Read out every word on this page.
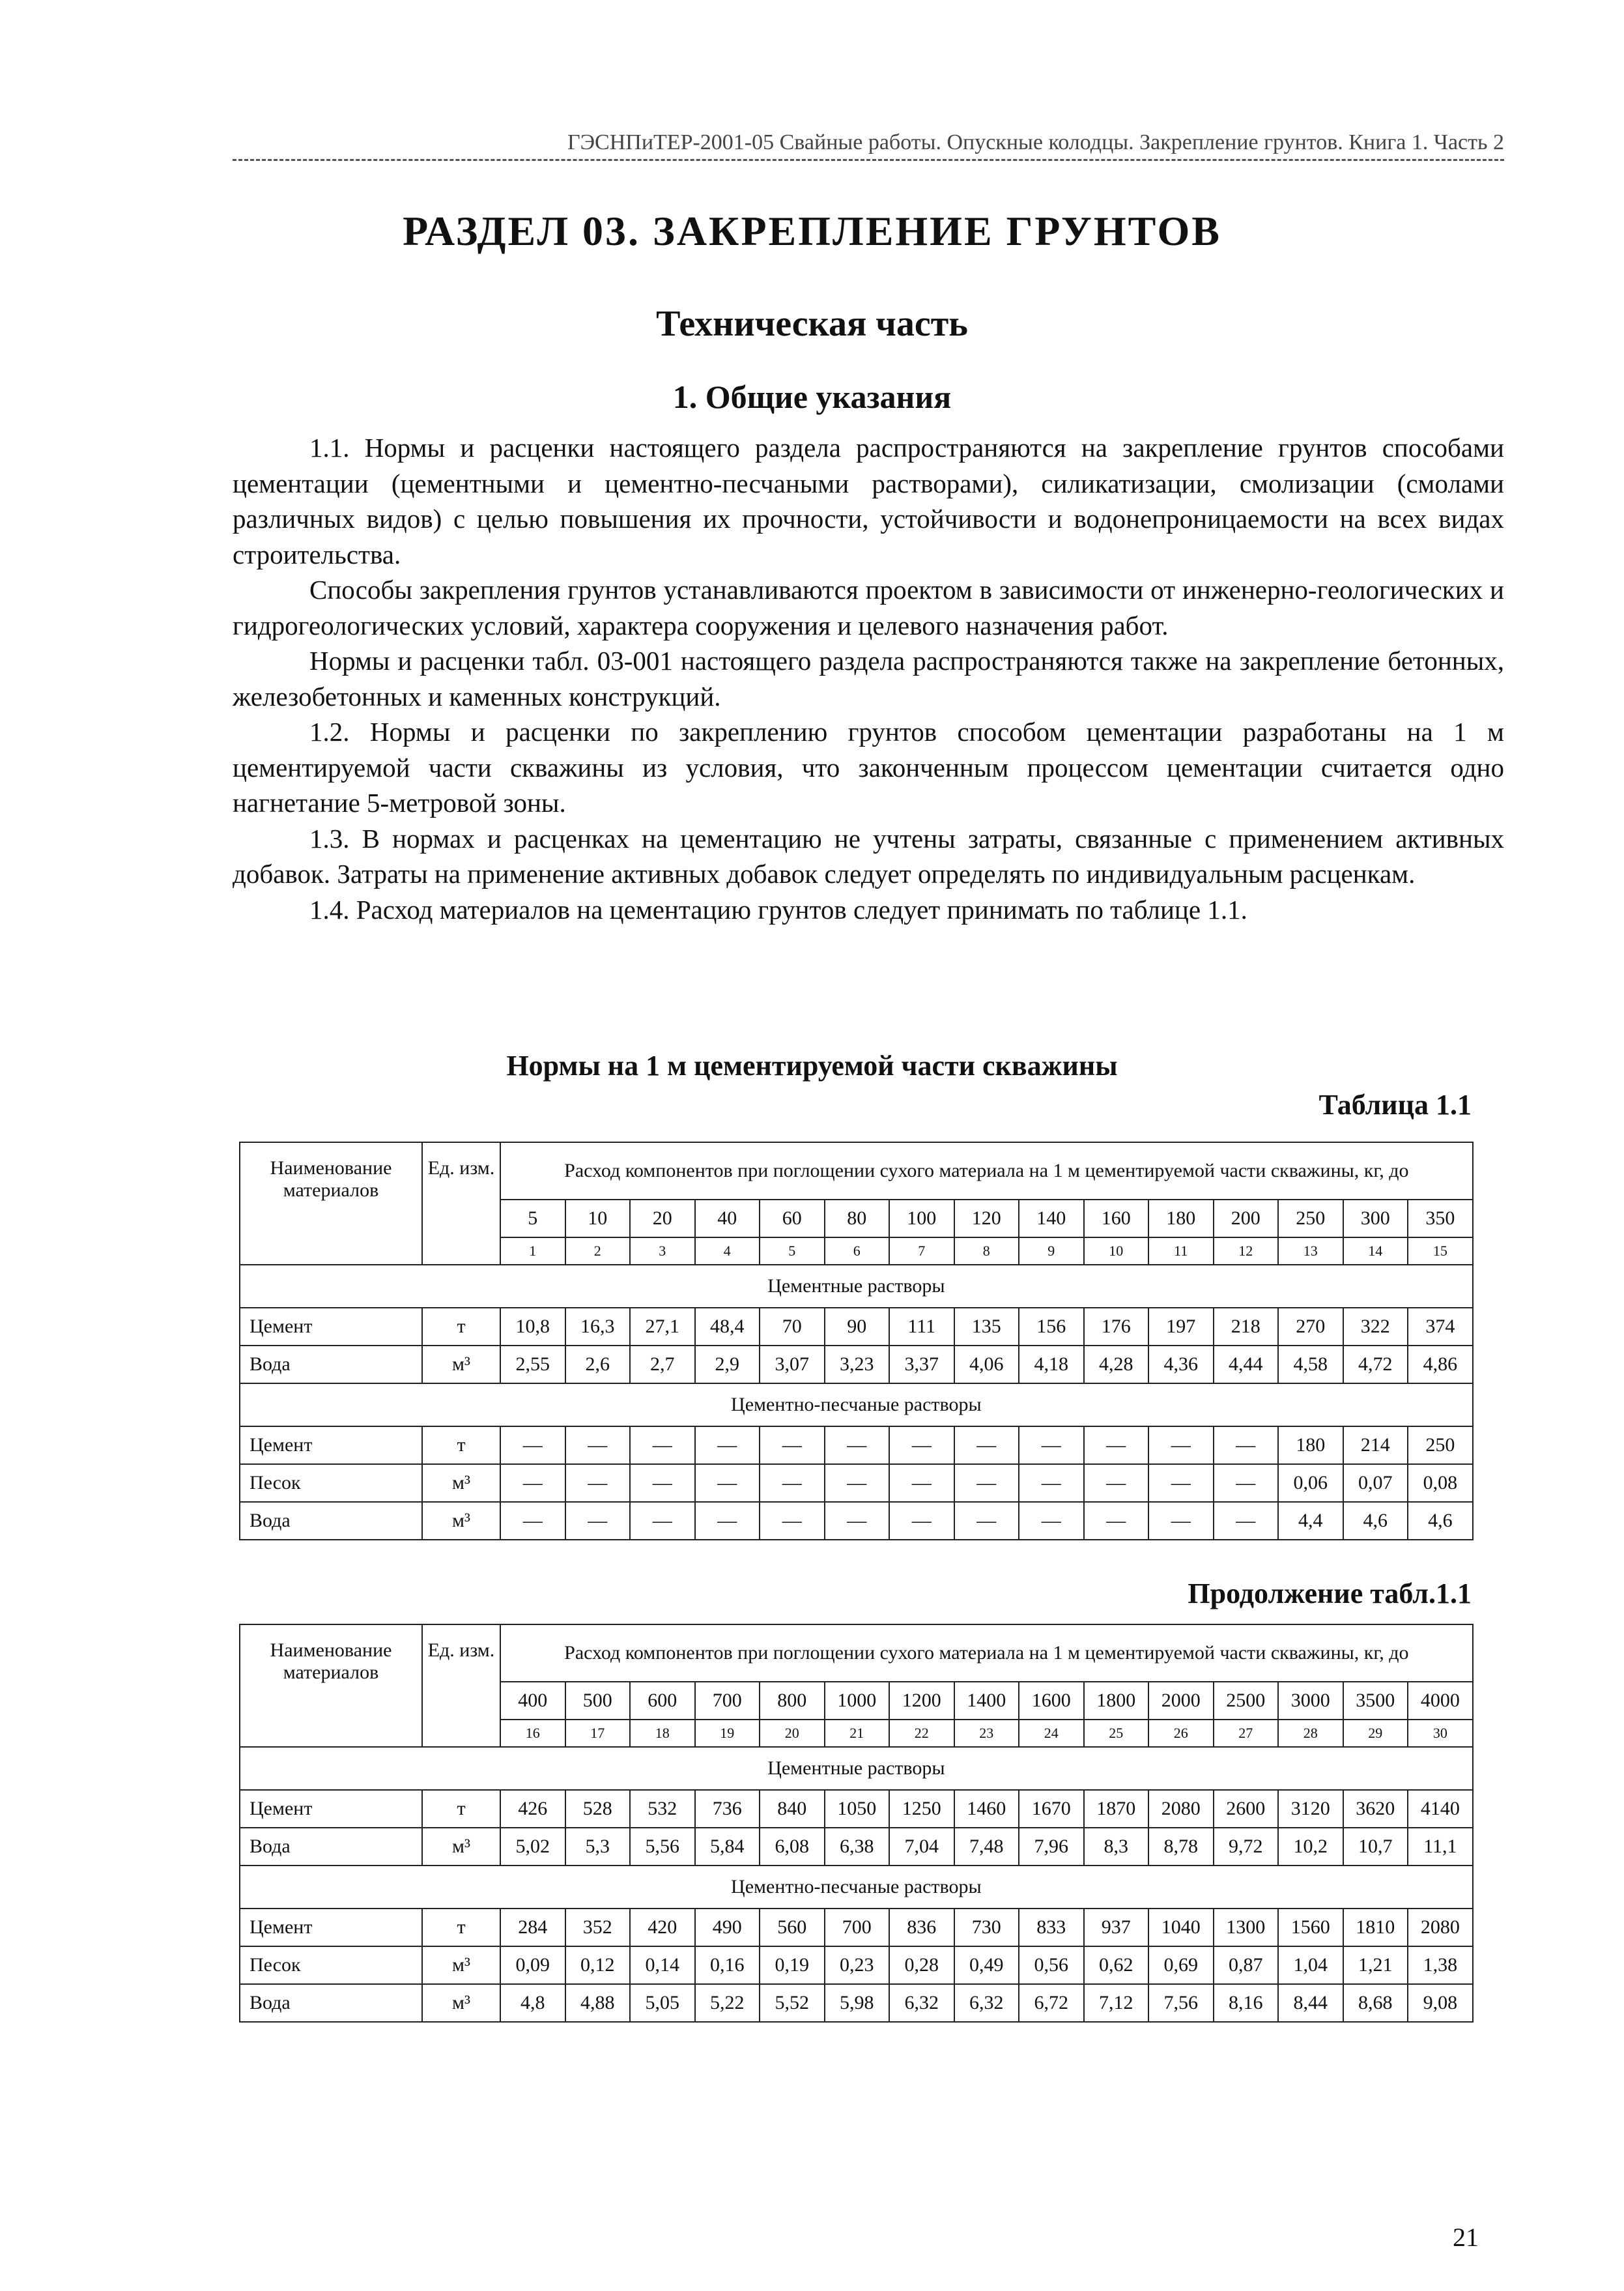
ГЭСНПиТЕР-2001-05 Свайные работы. Опускные колодцы. Закрепление грунтов. Книга 1. Часть 2
РАЗДЕЛ 03. ЗАКРЕПЛЕНИЕ ГРУНТОВ
Техническая часть
1. Общие указания

1.1. Нормы и расценки настоящего раздела распространяются на закрепление грунтов способами цементации (цементными и цементно-песчаными растворами), силикатизации, смолизации (смолами различных видов) с целью повышения их прочности, устойчивости и водонепроницаемости на всех видах строительства.

Способы закрепления грунтов устанавливаются проектом в зависимости от инженерно-геологических и гидрогеологических условий, характера сооружения и целевого назначения работ.

Нормы и расценки табл. 03-001 настоящего раздела распространяются также на закрепление бетонных, железобетонных и каменных конструкций.

1.2. Нормы и расценки по закреплению грунтов способом цементации разработаны на 1 м цементируемой части скважины из условия, что законченным процессом цементации считается одно нагнетание 5-метровой зоны.

1.3. В нормах и расценках на цементацию не учтены затраты, связанные с применением активных добавок. Затраты на применение активных добавок следует определять по индивидуальным расценкам.

1.4. Расход материалов на цементацию грунтов следует принимать по таблице 1.1.

Нормы на 1 м цементируемой части скважины
Таблица 1.1
Наименование материалов	Ед. изм.	Расход компонентов при поглощении сухого материала на 1 м цементируемой части скважины, кг, до														
		5	10	20	40	60	80	100	120	140	160	180	200	250	300	350
		1	2	3	4	5	6	7	8	9	10	11	12	13	14	15
Цементные растворы																
Цемент	т	10,8	16,3	27,1	48,4	70	90	111	135	156	176	197	218	270	322	374
Вода	м³	2,55	2,6	2,7	2,9	3,07	3,23	3,37	4,06	4,18	4,28	4,36	4,44	4,58	4,72	4,86
Цементно-песчаные растворы																
Цемент	т	—	—	—	—	—	—	—	—	—	—	—	—	180	214	250
Песок	м³	—	—	—	—	—	—	—	—	—	—	—	—	0,06	0,07	0,08
Вода	м³	—	—	—	—	—	—	—	—	—	—	—	—	4,4	4,6	4,6
Продолжение табл.1.1
Наименование материалов	Ед. изм.	Расход компонентов при поглощении сухого материала на 1 м цементируемой части скважины, кг, до														
		400	500	600	700	800	1000	1200	1400	1600	1800	2000	2500	3000	3500	4000
		16	17	18	19	20	21	22	23	24	25	26	27	28	29	30
Цементные растворы																
Цемент	т	426	528	532	736	840	1050	1250	1460	1670	1870	2080	2600	3120	3620	4140
Вода	м³	5,02	5,3	5,56	5,84	6,08	6,38	7,04	7,48	7,96	8,3	8,78	9,72	10,2	10,7	11,1
Цементно-песчаные растворы																
Цемент	т	284	352	420	490	560	700	836	730	833	937	1040	1300	1560	1810	2080
Песок	м³	0,09	0,12	0,14	0,16	0,19	0,23	0,28	0,49	0,56	0,62	0,69	0,87	1,04	1,21	1,38
Вода	м³	4,8	4,88	5,05	5,22	5,52	5,98	6,32	6,32	6,72	7,12	7,56	8,16	8,44	8,68	9,08
21
